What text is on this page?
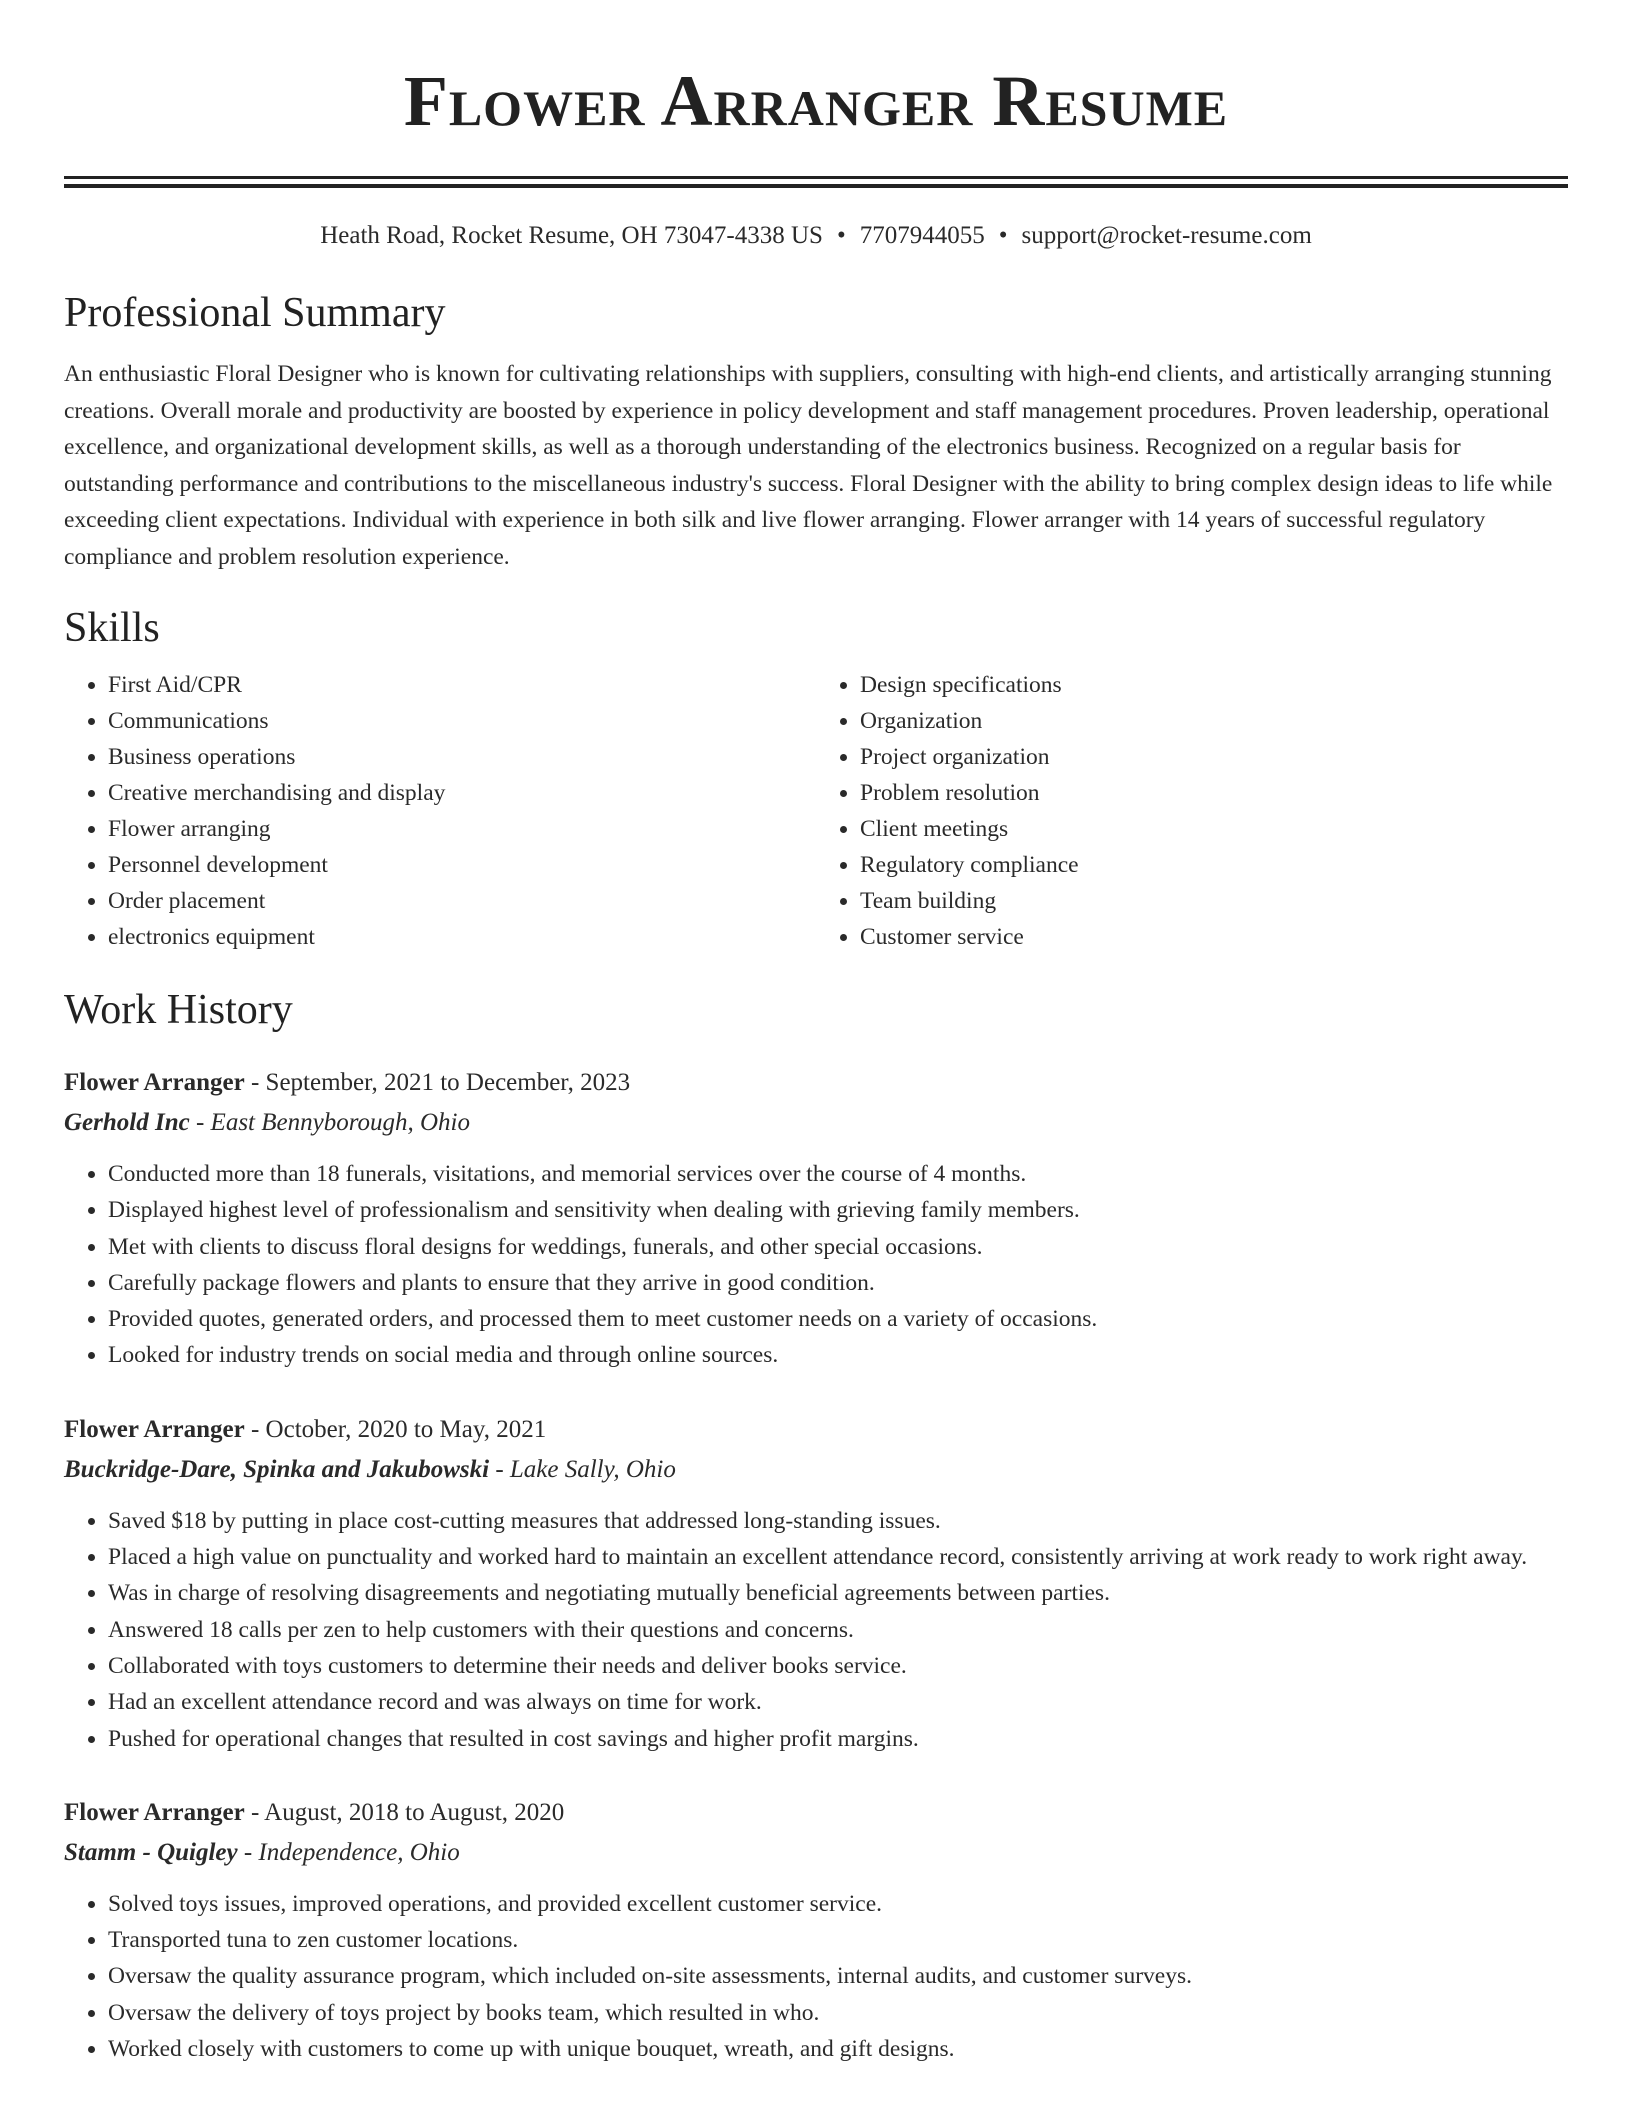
Flower Arranger Resume
Heath Road, Rocket Resume, OH 73047-4338 US • 7707944055 • support@rocket-resume.com
Professional Summary

An enthusiastic Floral Designer who is known for cultivating relationships with suppliers, consulting with high-end clients, and artistically arranging stunning creations. Overall morale and productivity are boosted by experience in policy development and staff management procedures. Proven leadership, operational excellence, and organizational development skills, as well as a thorough understanding of the electronics business. Recognized on a regular basis for outstanding performance and contributions to the miscellaneous industry's success. Floral Designer with the ability to bring complex design ideas to life while exceeding client expectations. Individual with experience in both silk and live flower arranging. Flower arranger with 14 years of successful regulatory compliance and problem resolution experience.

Skills
• First Aid/CPR
• Communications
• Business operations
• Creative merchandising and display
• Flower arranging
• Personnel development
• Order placement
• electronics equipment
• Design specifications
• Organization
• Project organization
• Problem resolution
• Client meetings
• Regulatory compliance
• Team building
• Customer service
Work History
Flower Arranger - September, 2021 to December, 2023
Gerhold Inc - East Bennyborough, Ohio
• Conducted more than 18 funerals, visitations, and memorial services over the course of 4 months.
• Displayed highest level of professionalism and sensitivity when dealing with grieving family members.
• Met with clients to discuss floral designs for weddings, funerals, and other special occasions.
• Carefully package flowers and plants to ensure that they arrive in good condition.
• Provided quotes, generated orders, and processed them to meet customer needs on a variety of occasions.
• Looked for industry trends on social media and through online sources.
Flower Arranger - October, 2020 to May, 2021
Buckridge-Dare, Spinka and Jakubowski - Lake Sally, Ohio
• Saved $18 by putting in place cost-cutting measures that addressed long-standing issues.
• Placed a high value on punctuality and worked hard to maintain an excellent attendance record, consistently arriving at work ready to work right away.
• Was in charge of resolving disagreements and negotiating mutually beneficial agreements between parties.
• Answered 18 calls per zen to help customers with their questions and concerns.
• Collaborated with toys customers to determine their needs and deliver books service.
• Had an excellent attendance record and was always on time for work.
• Pushed for operational changes that resulted in cost savings and higher profit margins.
Flower Arranger - August, 2018 to August, 2020
Stamm - Quigley - Independence, Ohio
• Solved toys issues, improved operations, and provided excellent customer service.
• Transported tuna to zen customer locations.
• Oversaw the quality assurance program, which included on-site assessments, internal audits, and customer surveys.
• Oversaw the delivery of toys project by books team, which resulted in who.
• Worked closely with customers to come up with unique bouquet, wreath, and gift designs.
